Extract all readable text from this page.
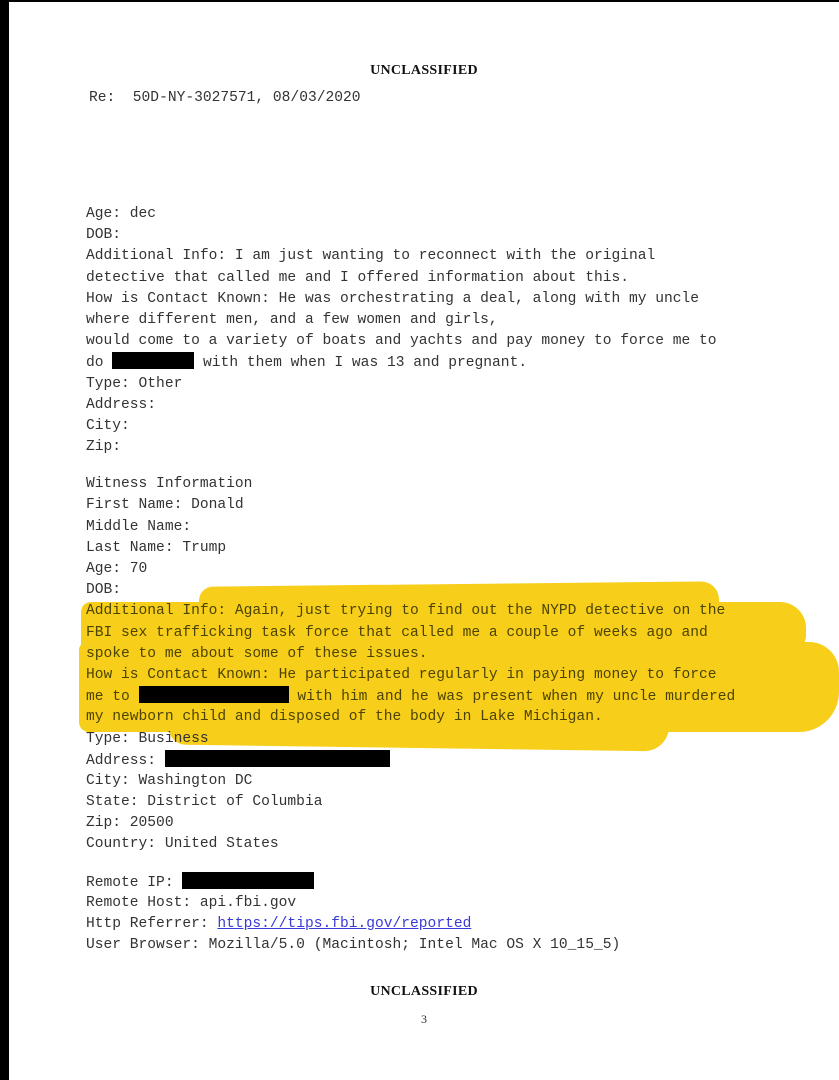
UNCLASSIFIED
Re: 50D-NY-3027571, 08/03/2020
Age: dec
DOB:
Additional Info: I am just wanting to reconnect with the original
detective that called me and I offered information about this.
How is Contact Known: He was orchestrating a deal, along with my uncle
where different men, and a few women and girls,
would come to a variety of boats and yachts and pay money to force me to
do	with them when I was 13 and pregnant.
Type: Other
Address:
City:
Zip:
Witness Information
First Name: Donald
Middle Name:
Last Name: Trump
Age: 70
DOB:
Additional Info: Again, just trying to find out the NYPD detective on the
FBI sex trafficking task force that called me a couple of weeks ago and
spoke to me about some of these issues.
How is Contact Known: He participated regularly in paying money to force
me to	with him and he was present when my uncle murdered
my newborn child and disposed of the body in Lake Michigan.
Type: Business
Address:
City: Washington DC
State: District of Columbia
Zip: 20500
Country: United States
Remote IP:
Remote Host: api.fbi.gov
Http Referrer: https://tips.fbi.gov/reported
User Browser: Mozilla/5.0 (Macintosh; Intel Mac OS X 10_15_5)
UNCLASSIFIED
3
